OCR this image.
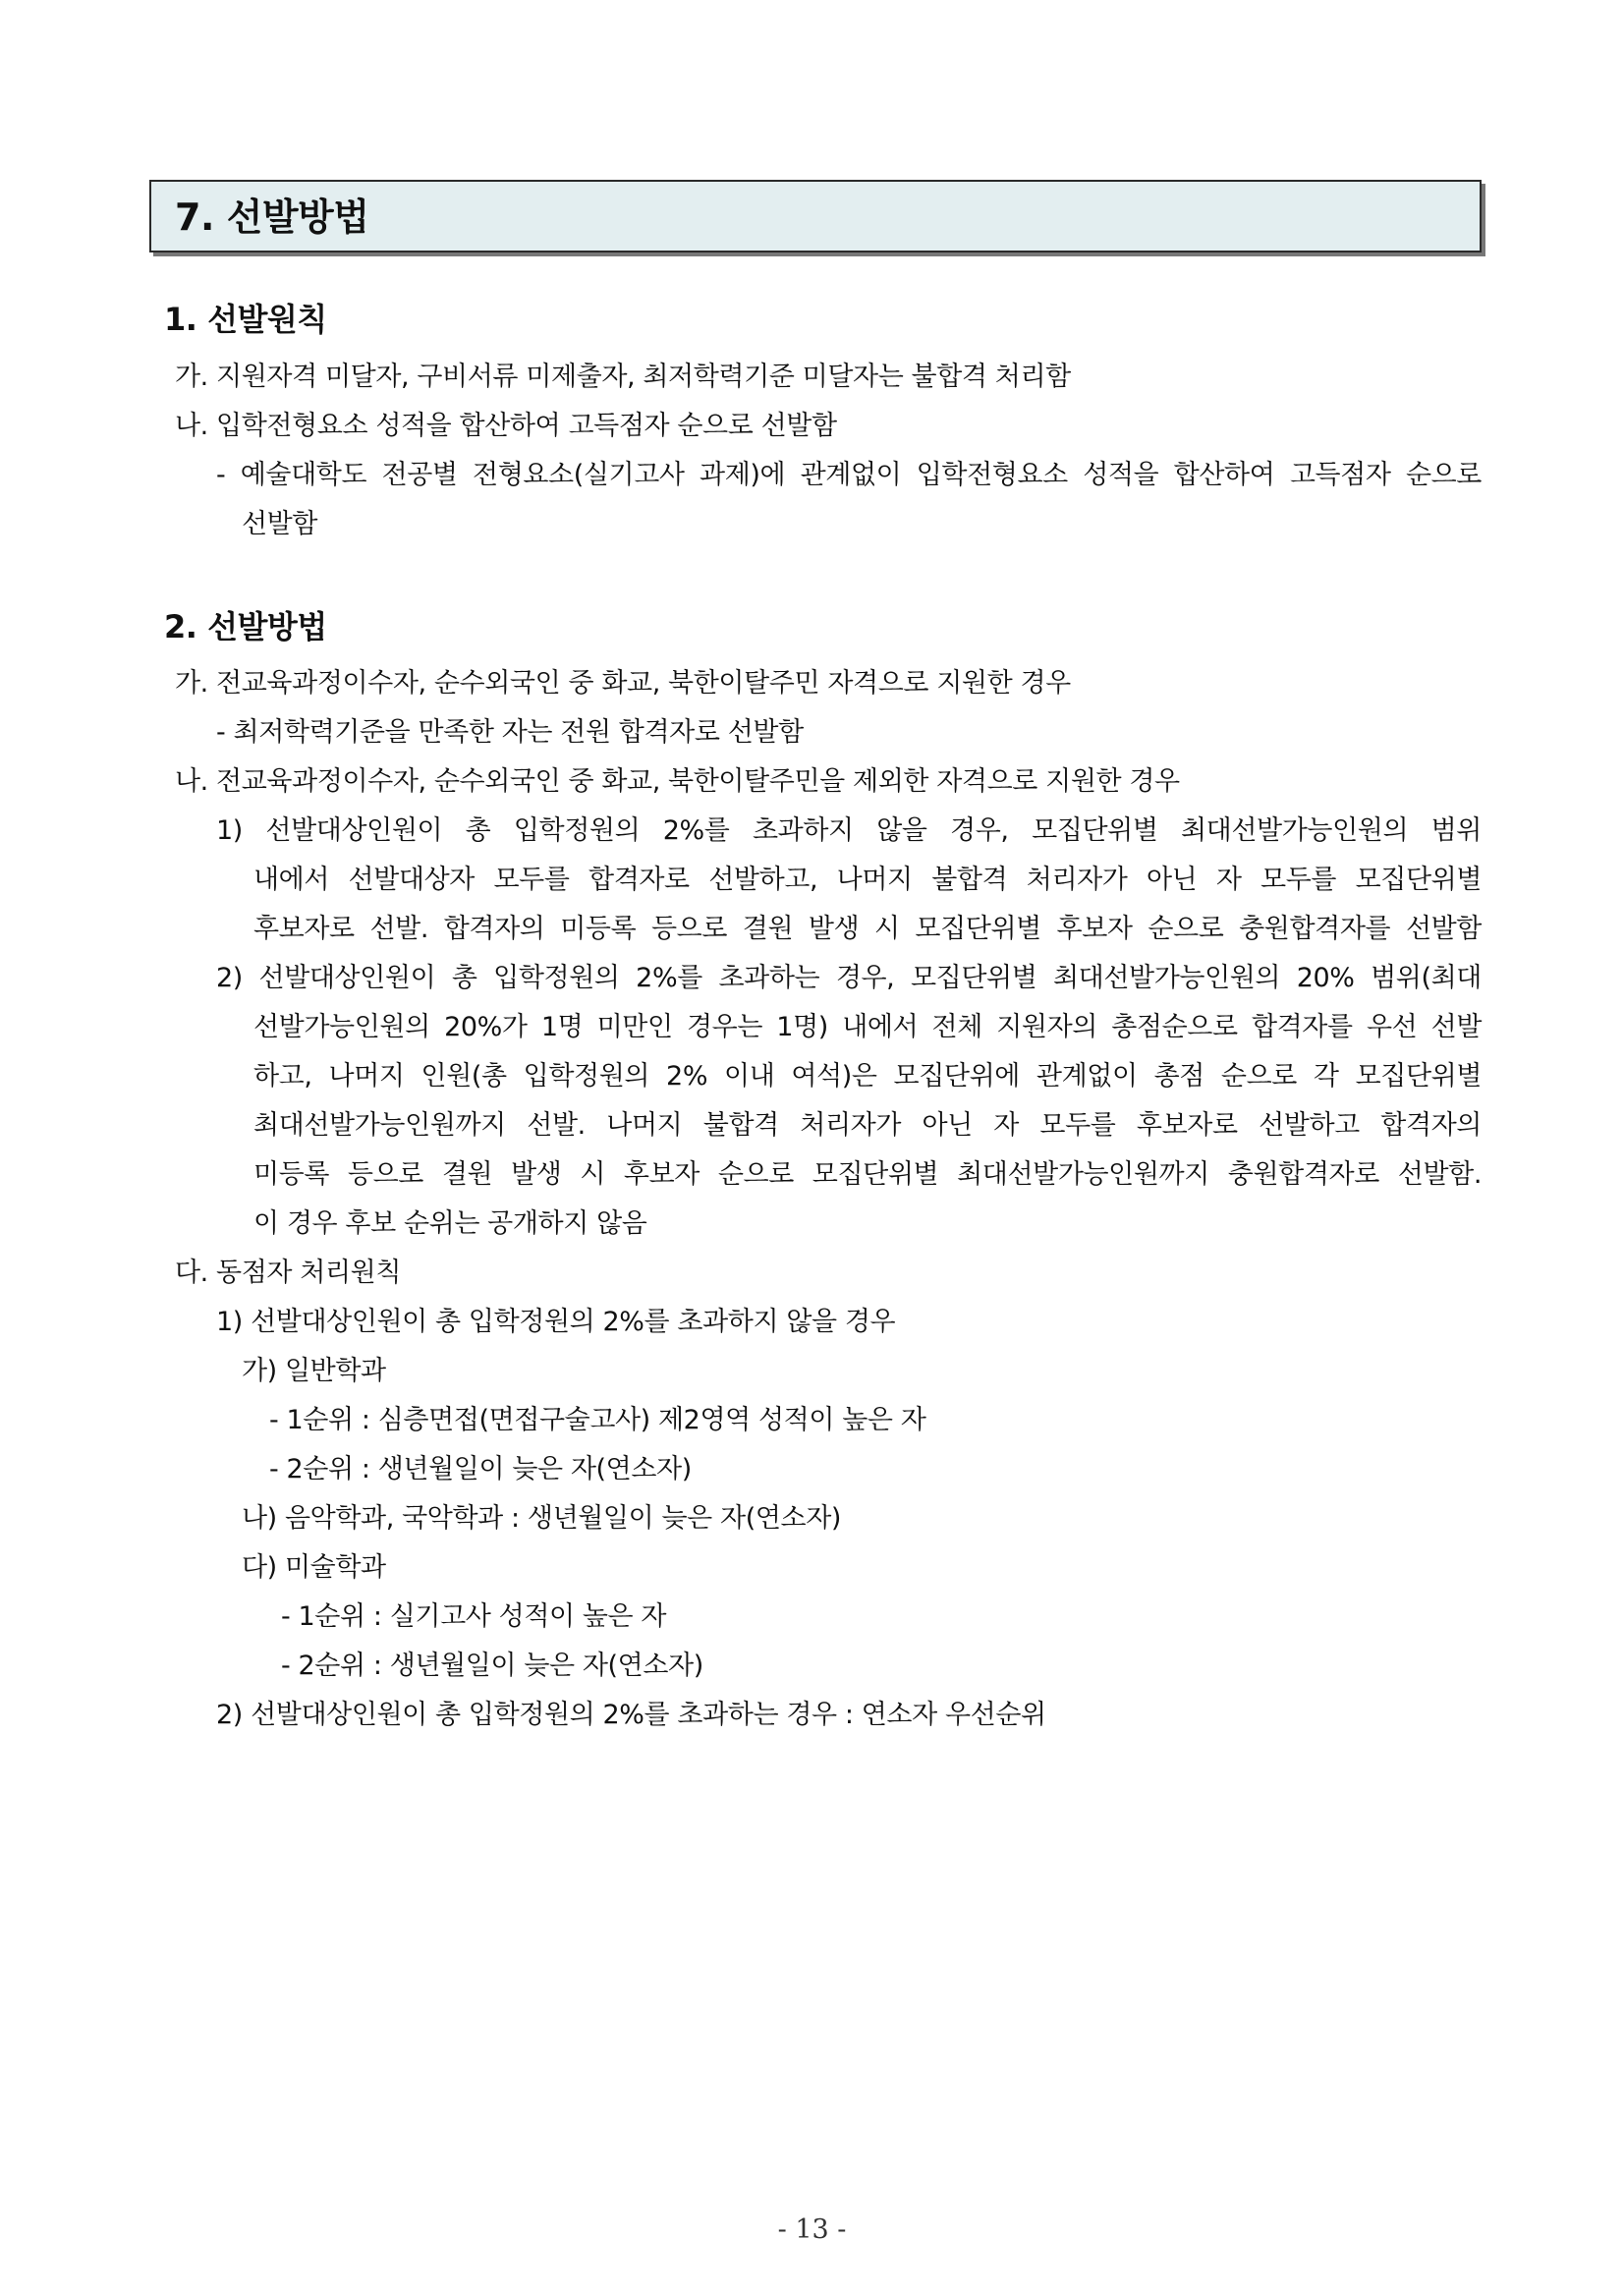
7. 선발방법
1. 선발원칙
가. 지원자격 미달자, 구비서류 미제출자, 최저학력기준 미달자는 불합격 처리함
나. 입학전형요소 성적을 합산하여 고득점자 순으로 선발함
- 예술대학도 전공별 전형요소(실기고사 과제)에 관계없이 입학전형요소 성적을 합산하여 고득점자 순으로
선발함
2. 선발방법
가. 전교육과정이수자, 순수외국인 중 화교, 북한이탈주민 자격으로 지원한 경우
- 최저학력기준을 만족한 자는 전원 합격자로 선발함
나. 전교육과정이수자, 순수외국인 중 화교, 북한이탈주민을 제외한 자격으로 지원한 경우
1) 선발대상인원이 총 입학정원의 2%를 초과하지 않을 경우, 모집단위별 최대선발가능인원의 범위
내에서 선발대상자 모두를 합격자로 선발하고, 나머지 불합격 처리자가 아닌 자 모두를 모집단위별
후보자로 선발. 합격자의 미등록 등으로 결원 발생 시 모집단위별 후보자 순으로 충원합격자를 선발함
2) 선발대상인원이 총 입학정원의 2%를 초과하는 경우, 모집단위별 최대선발가능인원의 20% 범위(최대
선발가능인원의 20%가 1명 미만인 경우는 1명) 내에서 전체 지원자의 총점순으로 합격자를 우선 선발
하고, 나머지 인원(총 입학정원의 2% 이내 여석)은 모집단위에 관계없이 총점 순으로 각 모집단위별
최대선발가능인원까지 선발. 나머지 불합격 처리자가 아닌 자 모두를 후보자로 선발하고 합격자의
미등록 등으로 결원 발생 시 후보자 순으로 모집단위별 최대선발가능인원까지 충원합격자로 선발함.
이 경우 후보 순위는 공개하지 않음
다. 동점자 처리원칙
1) 선발대상인원이 총 입학정원의 2%를 초과하지 않을 경우
가) 일반학과
- 1순위 : 심층면접(면접구술고사) 제2영역 성적이 높은 자
- 2순위 : 생년월일이 늦은 자(연소자)
나) 음악학과, 국악학과 : 생년월일이 늦은 자(연소자)
다) 미술학과
- 1순위 : 실기고사 성적이 높은 자
- 2순위 : 생년월일이 늦은 자(연소자)
2) 선발대상인원이 총 입학정원의 2%를 초과하는 경우 : 연소자 우선순위
- 13 -
